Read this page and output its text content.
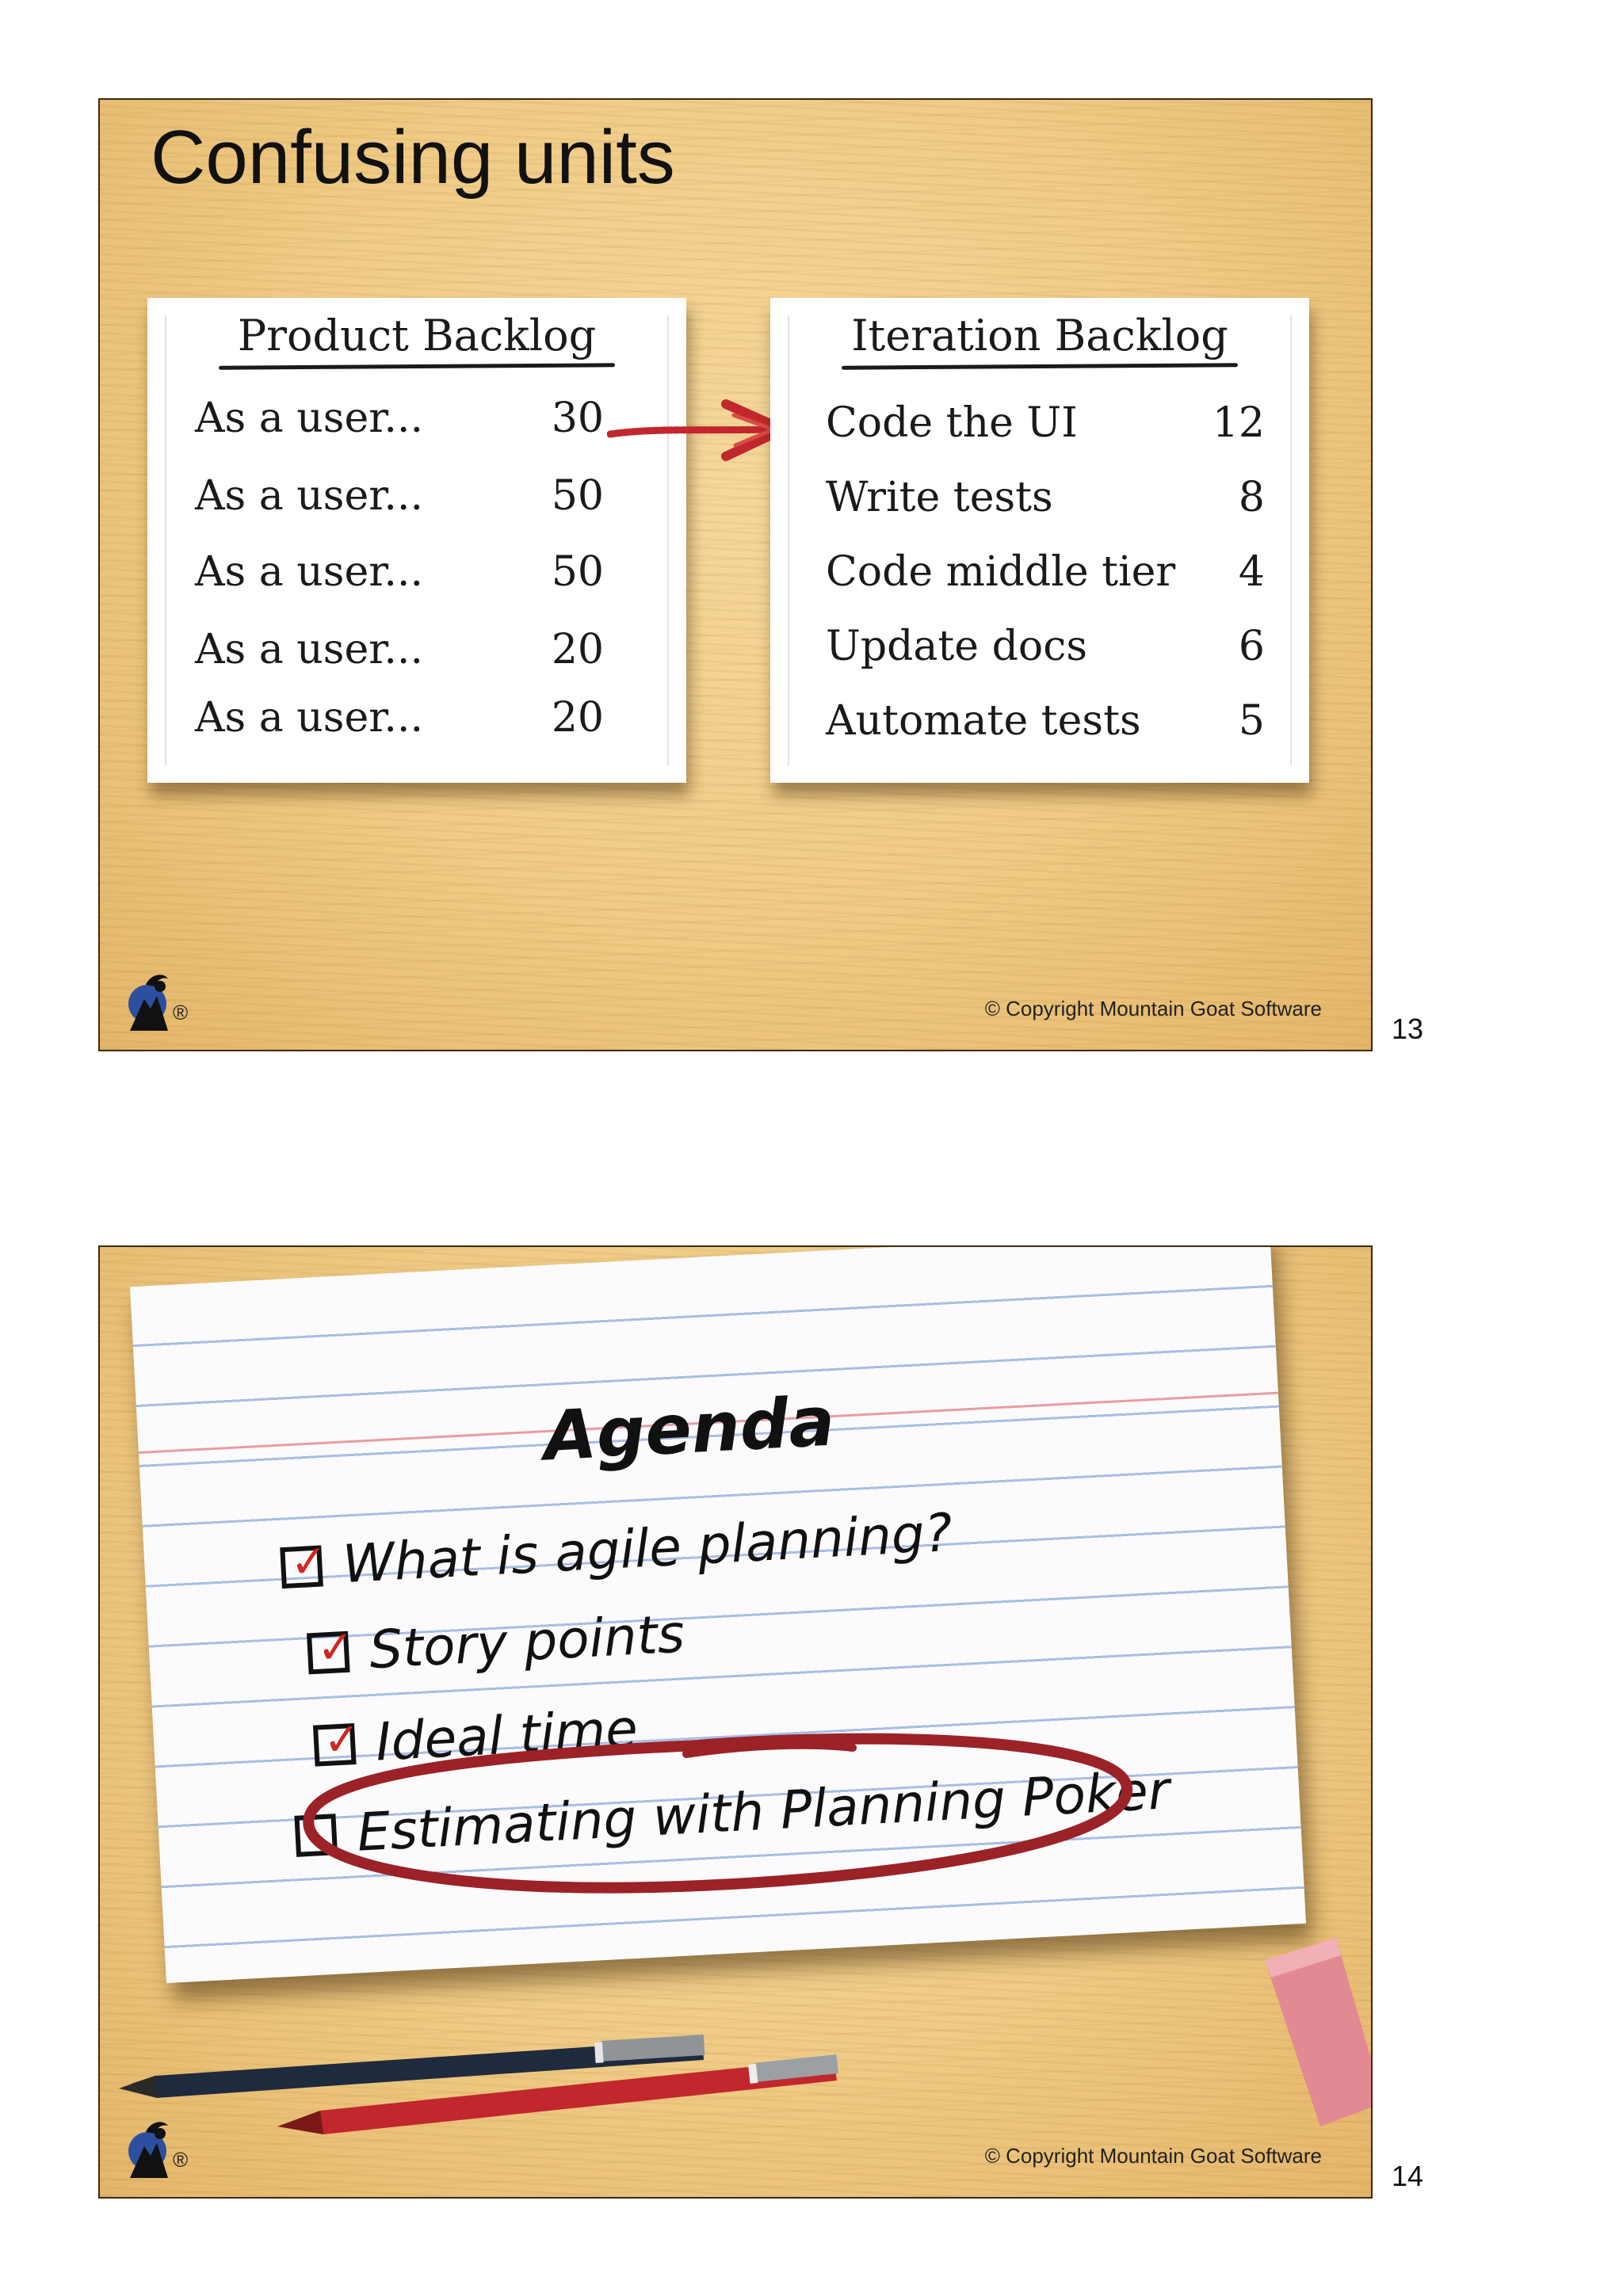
Confusing units
Product Backlog
As a user...	30
As a user...	50
As a user...	50
As a user...	20
As a user...	20
Iteration Backlog
Code the UI	12
Write tests	8
Code middle tier 4
Update docs	6
Automate tests 5
®	© Copyright Mountain Goat Software
13
Agenda
✓ What is agile planning?
✓ Story points
✓ Ideal time
Estimating with Planning Poker
®	© Copyright Mountain Goat Software
14
